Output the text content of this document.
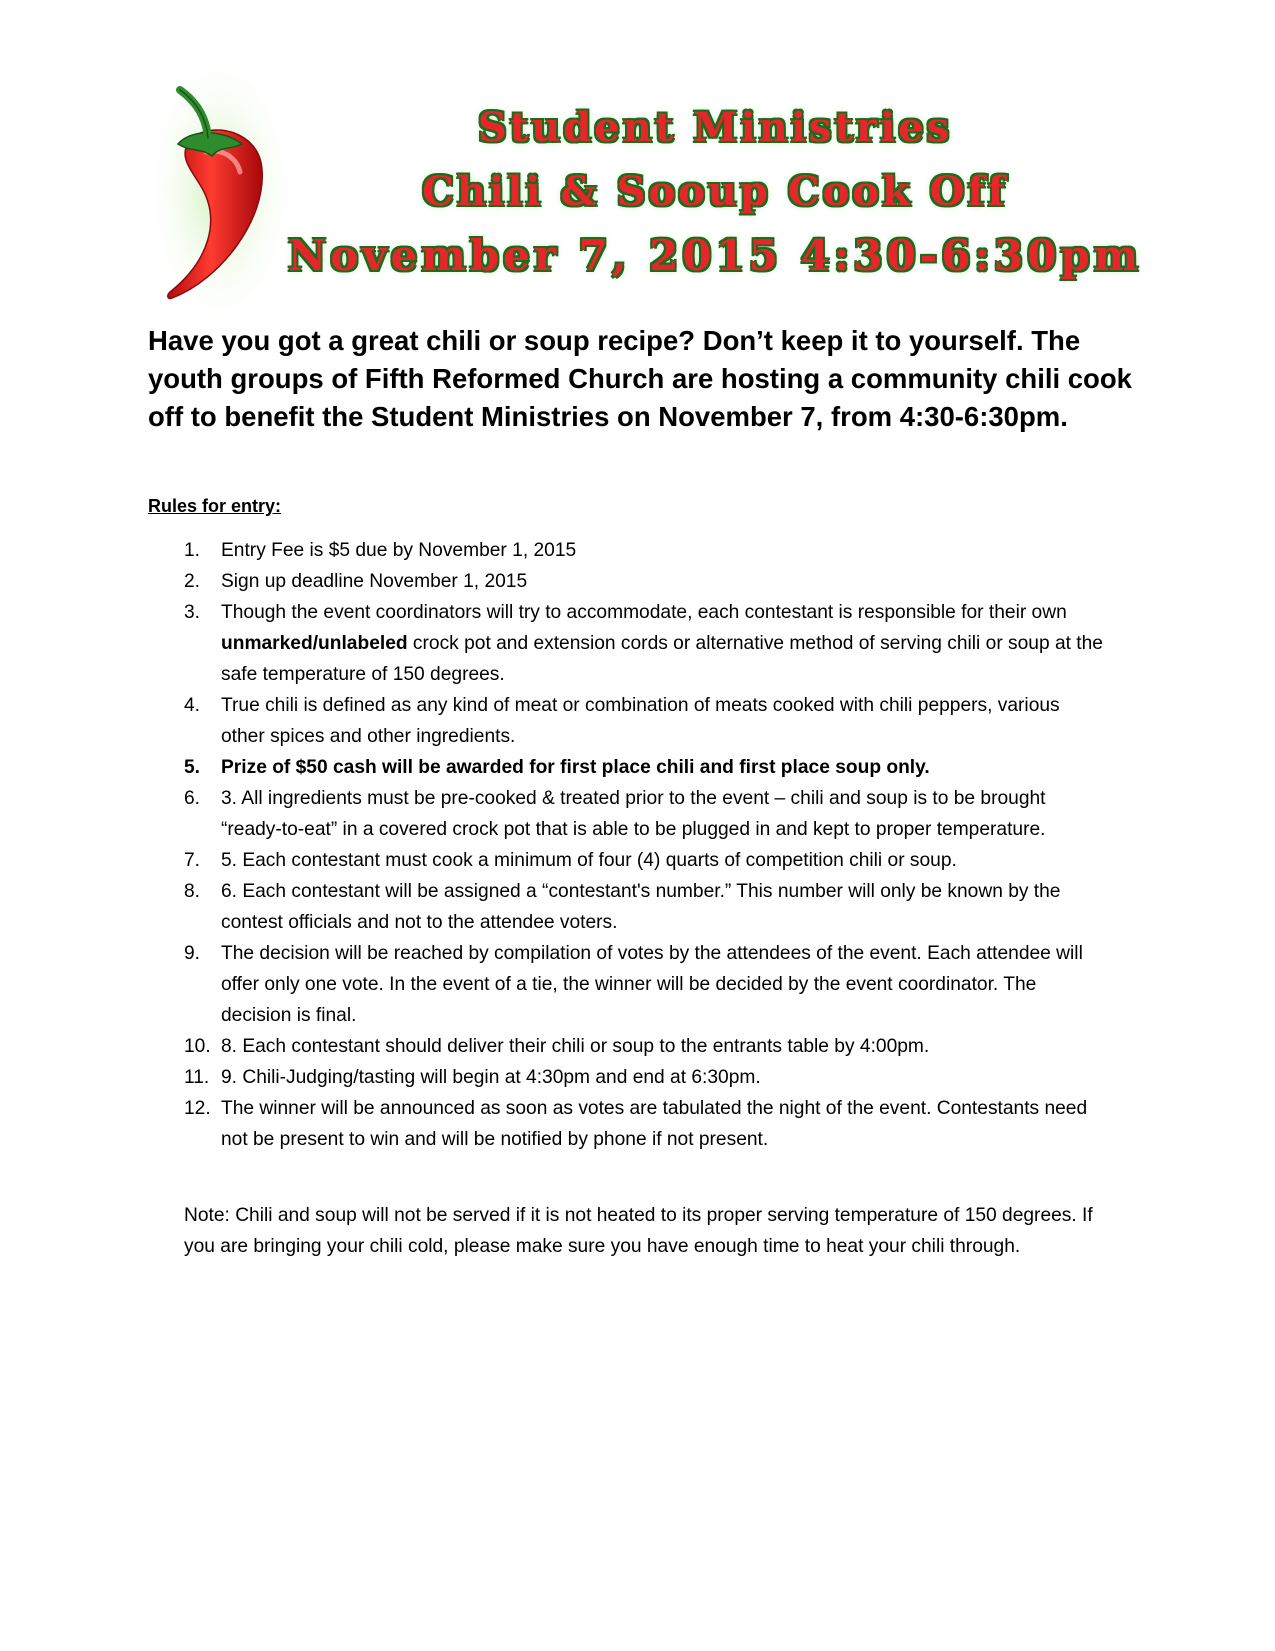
Student Ministries
Chili & Sooup Cook Off
November 7, 2015 4:30-6:30pm

Have you got a great chili or soup recipe? Don’t keep it to yourself. The youth groups of Fifth Reformed Church are hosting a community chili cook off to benefit the Student Ministries on November 7, from 4:30-6:30pm.

Rules for entry:

1. Entry Fee is $5 due by November 1, 2015
2. Sign up deadline November 1, 2015
3. Though the event coordinators will try to accommodate, each contestant is responsible for their own unmarked/unlabeled crock pot and extension cords or alternative method of serving chili or soup at the safe temperature of 150 degrees.
4. True chili is defined as any kind of meat or combination of meats cooked with chili peppers, various other spices and other ingredients.
5. Prize of $50 cash will be awarded for first place chili and first place soup only.
6. 3. All ingredients must be pre-cooked & treated prior to the event – chili and soup is to be brought “ready-to-eat” in a covered crock pot that is able to be plugged in and kept to proper temperature.
7. 5. Each contestant must cook a minimum of four (4) quarts of competition chili or soup.
8. 6. Each contestant will be assigned a “contestant's number.” This number will only be known by the contest officials and not to the attendee voters.
9. The decision will be reached by compilation of votes by the attendees of the event. Each attendee will offer only one vote. In the event of a tie, the winner will be decided by the event coordinator. The decision is final.
10. 8. Each contestant should deliver their chili or soup to the entrants table by 4:00pm.
11. 9. Chili-Judging/tasting will begin at 4:30pm and end at 6:30pm.
12. The winner will be announced as soon as votes are tabulated the night of the event. Contestants need not be present to win and will be notified by phone if not present.

Note: Chili and soup will not be served if it is not heated to its proper serving temperature of 150 degrees. If you are bringing your chili cold, please make sure you have enough time to heat your chili through.
